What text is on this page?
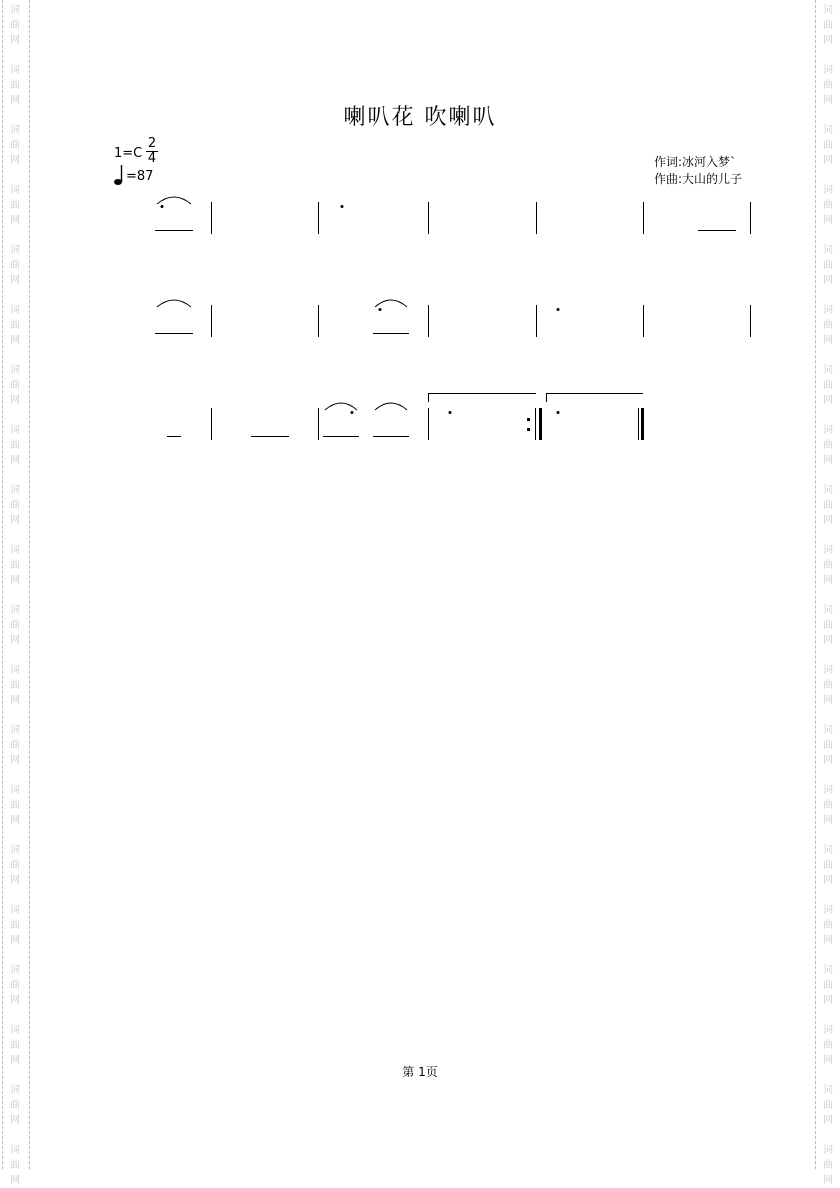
词曲网
词曲网
词曲网
词曲网
词曲网
词曲网
词曲网
词曲网
词曲网
词曲网
词曲网
词曲网
词曲网
词曲网
词曲网
词曲网
词曲网
词曲网
词曲网
词曲网
词曲网
词曲网
词曲网
词曲网
词曲网
词曲网
词曲网
词曲网
词曲网
词曲网
词曲网
词曲网
词曲网
词曲网
词曲网
词曲网
词曲网
词曲网
词曲网
词曲网
喇叭花 吹喇叭
1=C
2
4
=87
作词:冰河入梦`
作曲:大山的儿子
第 1页
